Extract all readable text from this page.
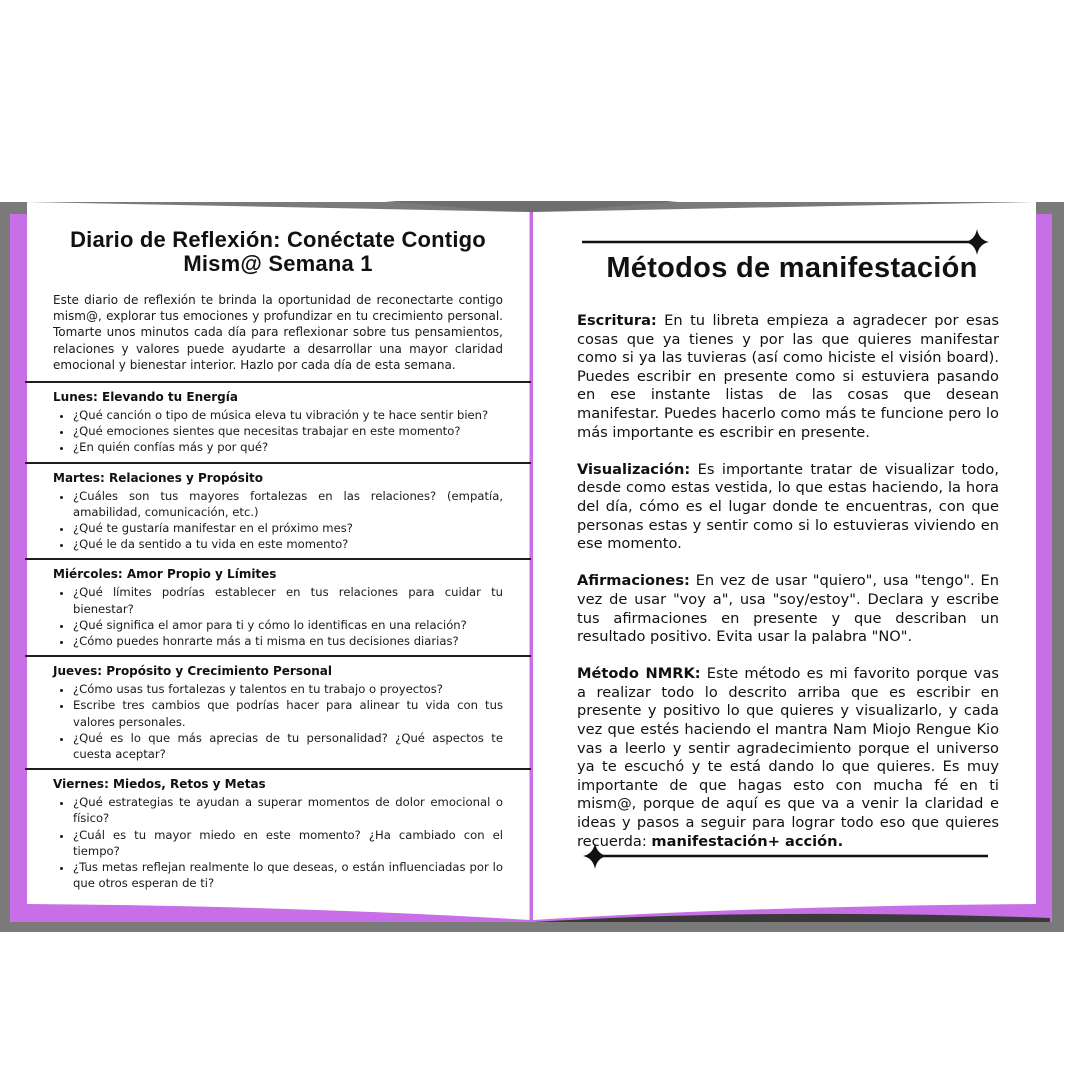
Diario de Reflexión: Conéctate Contigo Mism@ Semana 1

Este diario de reflexión te brinda la oportunidad de reconectarte contigo mism@, explorar tus emociones y profundizar en tu crecimiento personal. Tomarte unos minutos cada día para reflexionar sobre tus pensamientos, relaciones y valores puede ayudarte a desarrollar una mayor claridad emocional y bienestar interior. Hazlo por cada día de esta semana.

Lunes: Elevando tu Energía
• ¿Qué canción o tipo de música eleva tu vibración y te hace sentir bien?
• ¿Qué emociones sientes que necesitas trabajar en este momento?
• ¿En quién confías más y por qué?
Martes: Relaciones y Propósito
• ¿Cuáles son tus mayores fortalezas en las relaciones? (empatía, amabilidad, comunicación, etc.)
• ¿Qué te gustaría manifestar en el próximo mes?
• ¿Qué le da sentido a tu vida en este momento?
Miércoles: Amor Propio y Límites
• ¿Qué límites podrías establecer en tus relaciones para cuidar tu bienestar?
• ¿Qué significa el amor para ti y cómo lo identificas en una relación?
• ¿Cómo puedes honrarte más a ti misma en tus decisiones diarias?
Jueves: Propósito y Crecimiento Personal
• ¿Cómo usas tus fortalezas y talentos en tu trabajo o proyectos?
• Escribe tres cambios que podrías hacer para alinear tu vida con tus valores personales.
• ¿Qué es lo que más aprecias de tu personalidad? ¿Qué aspectos te cuesta aceptar?
Viernes: Miedos, Retos y Metas
• ¿Qué estrategias te ayudan a superar momentos de dolor emocional o físico?
• ¿Cuál es tu mayor miedo en este momento? ¿Ha cambiado con el tiempo?
• ¿Tus metas reflejan realmente lo que deseas, o están influenciadas por lo que otros esperan de ti?
Métodos de manifestación

Escritura: En tu libreta empieza a agradecer por esas cosas que ya tienes y por las que quieres manifestar como si ya las tuvieras (así como hiciste el visión board). Puedes escribir en presente como si estuviera pasando en ese instante listas de las cosas que desean manifestar. Puedes hacerlo como más te funcione pero lo más importante es escribir en presente.

Visualización: Es importante tratar de visualizar todo, desde como estas vestida, lo que estas haciendo, la hora del día, cómo es el lugar donde te encuentras, con que personas estas y sentir como si lo estuvieras viviendo en ese momento.

Afirmaciones: En vez de usar "quiero", usa "tengo". En vez de usar "voy a", usa "soy/estoy". Declara y escribe tus afirmaciones en presente y que describan un resultado positivo. Evita usar la palabra "NO".

Método NMRK: Este método es mi favorito porque vas a realizar todo lo descrito arriba que es escribir en presente y positivo lo que quieres y visualizarlo, y cada vez que estés haciendo el mantra Nam Miojo Rengue Kio vas a leerlo y sentir agradecimiento porque el universo ya te escuchó y te está dando lo que quieres. Es muy importante de que hagas esto con mucha fé en ti mism@, porque de aquí es que va a venir la claridad e ideas y pasos a seguir para lograr todo eso que quieres recuerda: manifestación+ acción.
